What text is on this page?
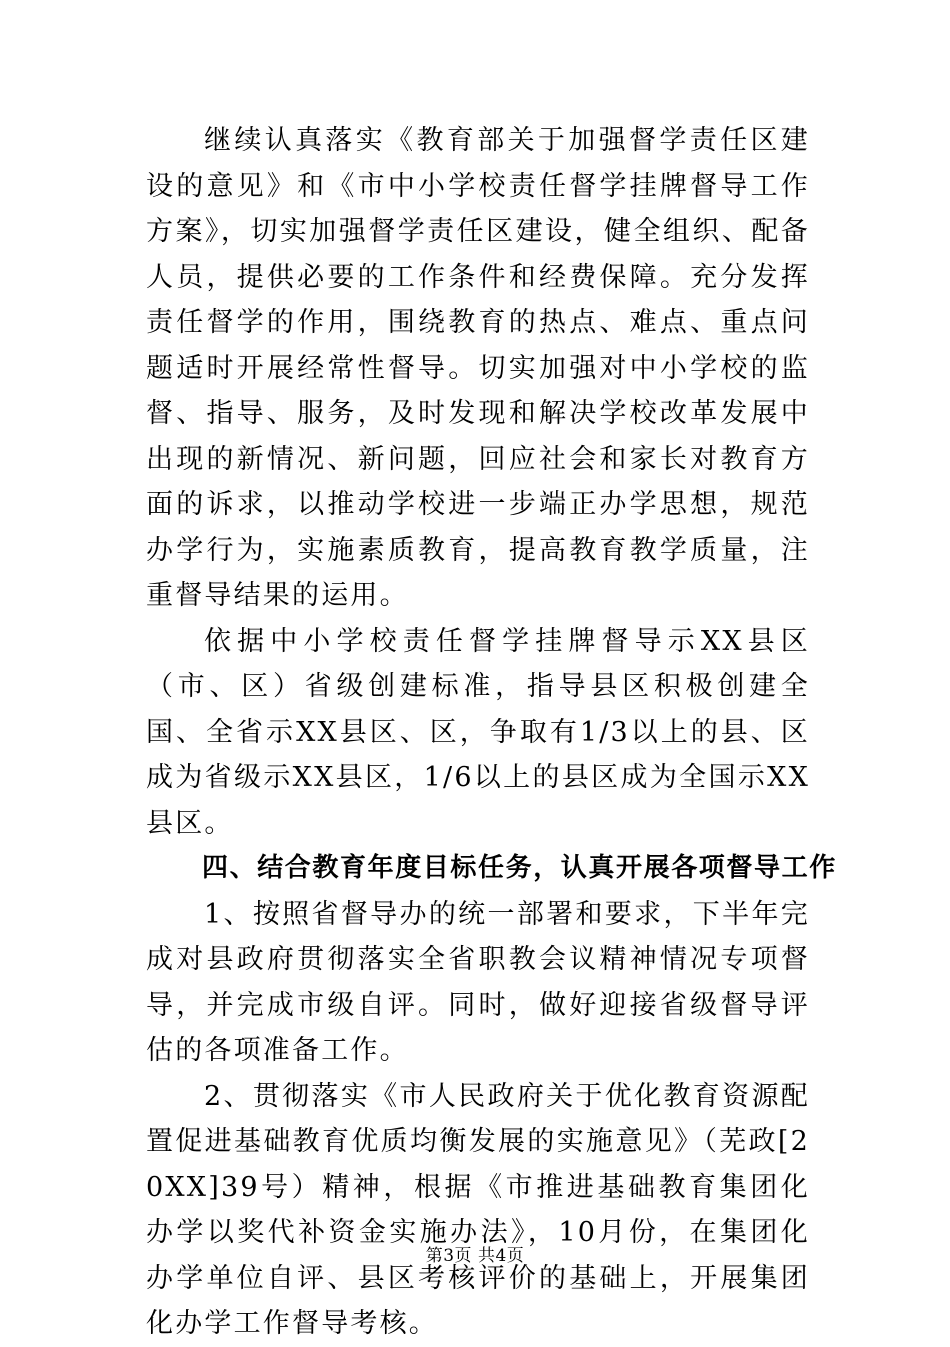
继续认真落实《教育部关于加强督学责任区建设的意见》和《市中小学校责任督学挂牌督导工作方案》，切实加强督学责任区建设，健全组织、配备人员，提供必要的工作条件和经费保障。充分发挥责任督学的作用，围绕教育的热点、难点、重点问题适时开展经常性督导。切实加强对中小学校的监督、指导、服务，及时发现和解决学校改革发展中出现的新情况、新问题，回应社会和家长对教育方面的诉求，以推动学校进一步端正办学思想，规范办学行为，实施素质教育，提高教育教学质量，注重督导结果的运用。

依据中小学校责任督学挂牌督导示XX县区（市、区）省级创建标准，指导县区积极创建全国、全省示XX县区、区，争取有1/3以上的县、区成为省级示XX县区，1/6以上的县区成为全国示XX县区。

四、结合教育年度目标任务，认真开展各项督导工作

1、按照省督导办的统一部署和要求，下半年完成对县政府贯彻落实全省职教会议精神情况专项督导，并完成市级自评。同时，做好迎接省级督导评估的各项准备工作。

2、贯彻落实《市人民政府关于优化教育资源配置促进基础教育优质均衡发展的实施意见》（芜政[20XX]39号）精神，根据《市推进基础教育集团化办学以奖代补资金实施办法》，10月份，在集团化办学单位自评、县区考核评价的基础上，开展集团化办学工作督导考核。

第3页 共4页
